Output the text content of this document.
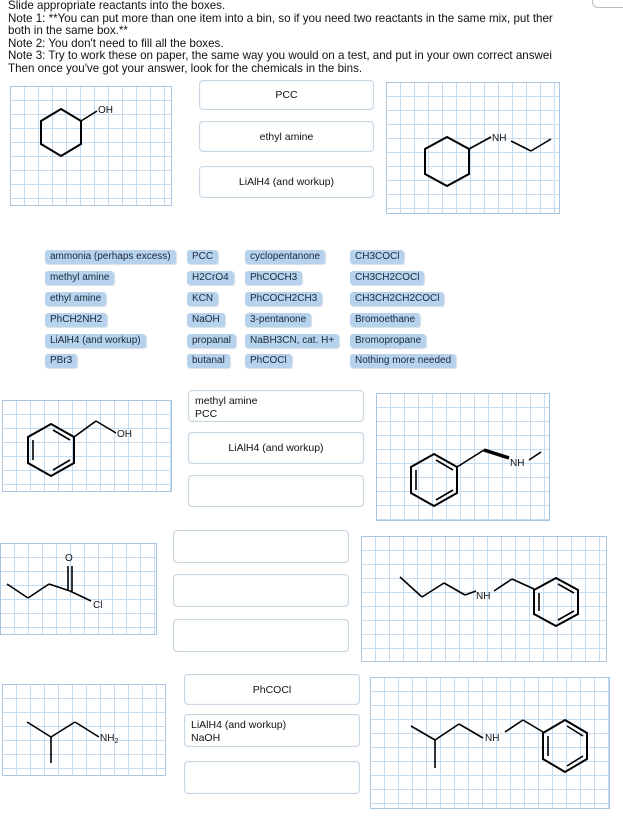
Slide appropriate reactants into the boxes.
Note 1: **You can put more than one item into a bin, so if you need two reactants in the same mix, put ther
both in the same box.**
Note 2: You don't need to fill all the boxes.
Note 3: Try to work these on paper, the same way you would on a test, and put in your own correct answei
Then once you've got your answer, look for the chemicals in the bins.
OH
PCC
ethyl amine
LiAlH4 (and workup)
NH
ammonia (perhaps excess)
methyl amine
ethyl amine
PhCH2NH2
LiAlH4 (and workup)
PBr3
PCC
H2CrO4
KCN
NaOH
propanal
butanal
cyclopentanone
PhCOCH3
PhCOCH2CH3
3-pentanone
NaBH3CN, cat. H+
PhCOCl
CH3COCl
CH3CH2COCl
CH3CH2CH2COCl
Bromoethane
Bromopropane
Nothing more needed
OH
methyl amine
PCC
LiAlH4 (and workup)
NH
O
Cl
NH
$NH_2$
PhCOCl
LiAlH4 (and workup)
NaOH	NH
